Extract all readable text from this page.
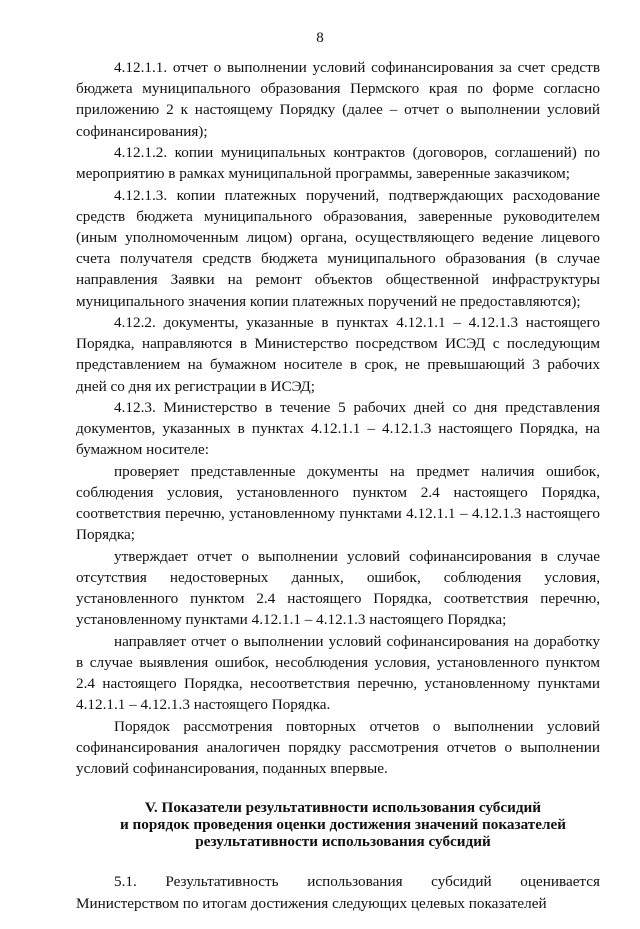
8

4.12.1.1. отчет о выполнении условий софинансирования за счет средств бюджета муниципального образования Пермского края по форме согласно приложению 2 к настоящему Порядку (далее – отчет о выполнении условий софинансирования);

4.12.1.2. копии муниципальных контрактов (договоров, соглашений) по мероприятию в рамках муниципальной программы, заверенные заказчиком;

4.12.1.3. копии платежных поручений, подтверждающих расходование средств бюджета муниципального образования, заверенные руководителем (иным уполномоченным лицом) органа, осуществляющего ведение лицевого счета получателя средств бюджета муниципального образования (в случае направления Заявки на ремонт объектов общественной инфраструктуры муниципального значения копии платежных поручений не предоставляются);

4.12.2. документы, указанные в пунктах 4.12.1.1 – 4.12.1.3 настоящего Порядка, направляются в Министерство посредством ИСЭД с последующим представлением на бумажном носителе в срок, не превышающий 3 рабочих дней со дня их регистрации в ИСЭД;

4.12.3. Министерство в течение 5 рабочих дней со дня представления документов, указанных в пунктах 4.12.1.1 – 4.12.1.3 настоящего Порядка, на бумажном носителе:

проверяет представленные документы на предмет наличия ошибок, соблюдения условия, установленного пунктом 2.4 настоящего Порядка, соответствия перечню, установленному пунктами 4.12.1.1 – 4.12.1.3 настоящего Порядка;

утверждает отчет о выполнении условий софинансирования в случае отсутствия недостоверных данных, ошибок, соблюдения условия, установленного пунктом 2.4 настоящего Порядка, соответствия перечню, установленному пунктами 4.12.1.1 – 4.12.1.3 настоящего Порядка;

направляет отчет о выполнении условий софинансирования на доработку в случае выявления ошибок, несоблюдения условия, установленного пунктом 2.4 настоящего Порядка, несоответствия перечню, установленному пунктами 4.12.1.1 – 4.12.1.3 настоящего Порядка.

Порядок рассмотрения повторных отчетов о выполнении условий софинансирования аналогичен порядку рассмотрения отчетов о выполнении условий софинансирования, поданных впервые.

V. Показатели результативности использования субсидий
и порядок проведения оценки достижения значений показателей
результативности использования субсидий

5.1. Результативность использования субсидий оценивается Министерством по итогам достижения следующих целевых показателей
